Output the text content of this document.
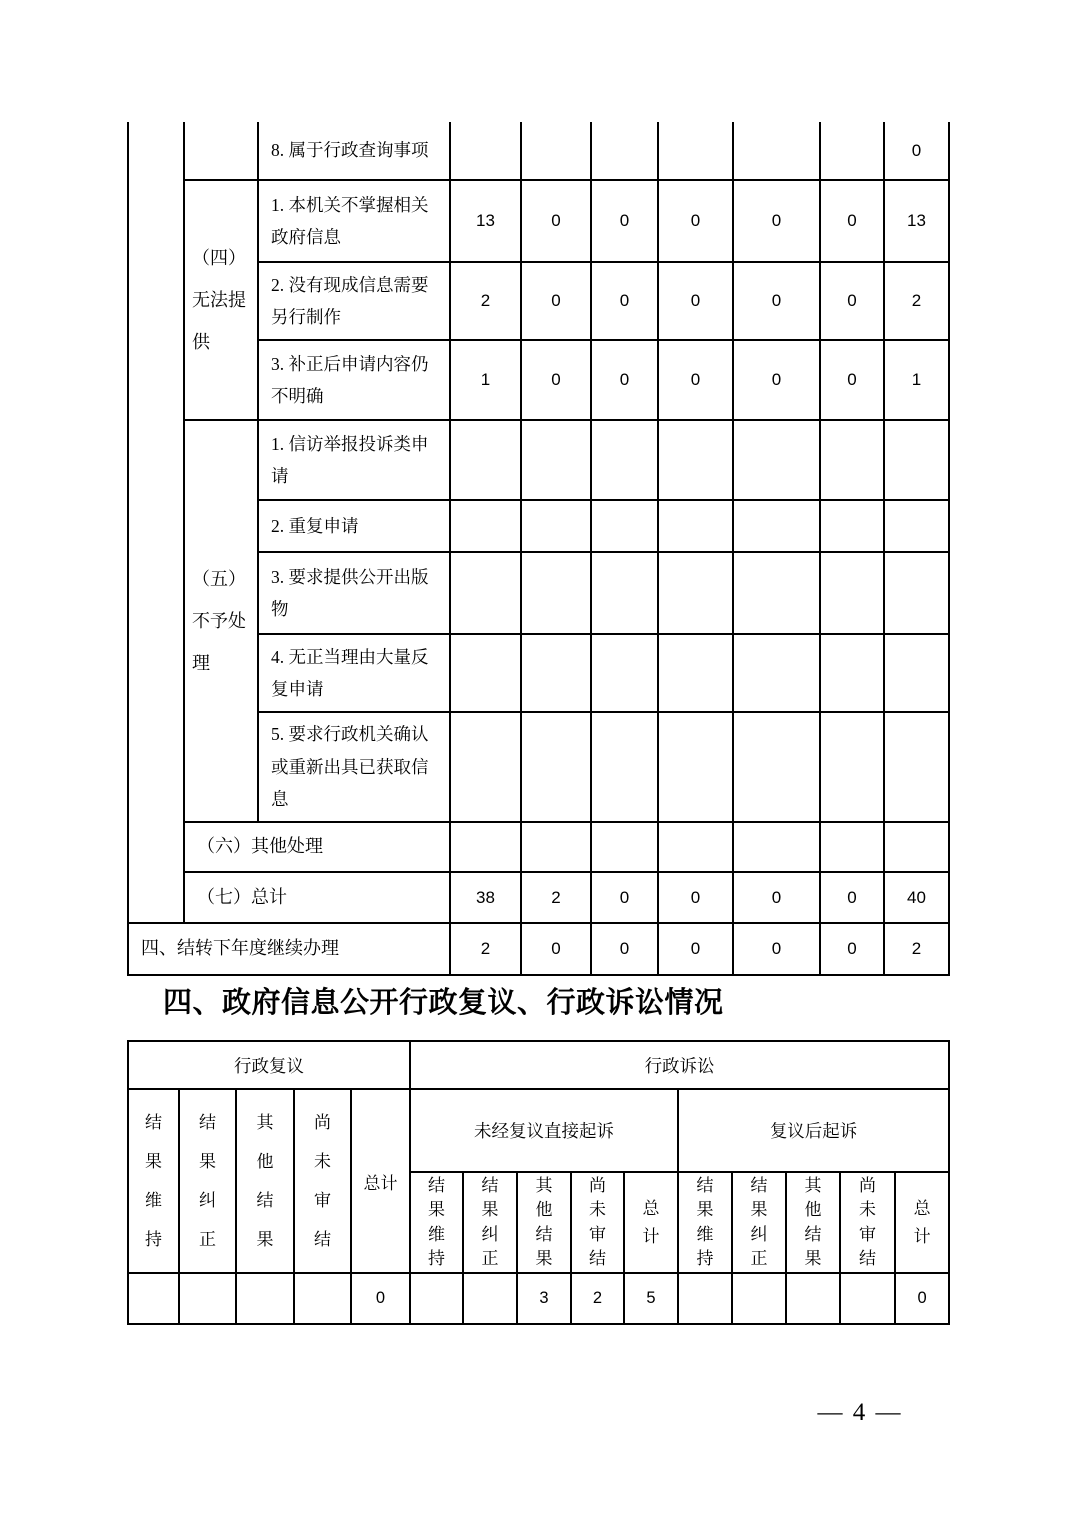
		8. 属于行政查询事项							0
	（四）无法提供	1. 本机关不掌握相关政府信息	13	0	0	0	0	0	13
		2. 没有现成信息需要另行制作	2	0	0	0	0	0	2
		3. 补正后申请内容仍不明确	1	0	0	0	0	0	1
	（五）不予处理	1. 信访举报投诉类申请							
		2. 重复申请							
		3. 要求提供公开出版物							
		4. 无正当理由大量反复申请							
		5. 要求行政机关确认或重新出具已获取信息							
	（六）其他处理								
	（七）总计		38	2	0	0	0	0	40
四、结转下年度继续办理			2	0	0	0	0	0	2
四、政府信息公开行政复议、行政诉讼情况
行政复议					行政诉讼									

结果维持	结果纠正	其他结果	尚未审结	总计	未经复议直接起诉					复议后起诉				

					结果维持	结果纠正	其他结果	尚未审结	总计	结果维持	结果纠正	其他结果	尚未审结	总计

				0			3	2	5					0
— 4 —
